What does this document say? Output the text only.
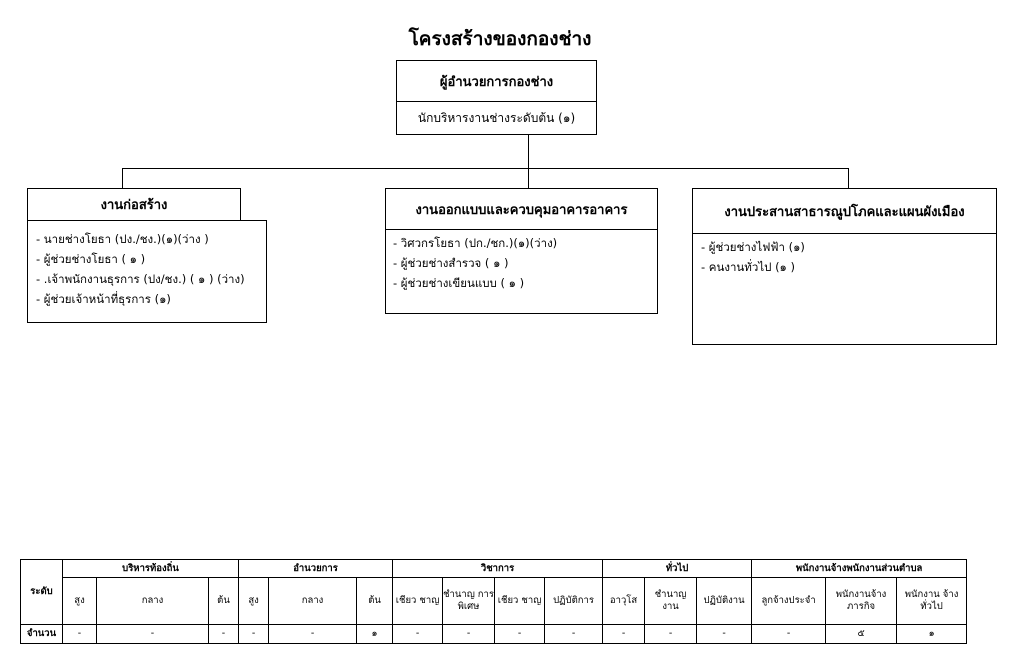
โครงสร้างของกองช่าง
ผู้อำนวยการกองช่าง
นักบริหารงานช่างระดับต้น (๑)
- นายช่างโยธา (ปง./ชง.)(๑)(ว่าง )
- ผู้ช่วยช่างโยธา ( ๑ )
- .เจ้าพนักงานธุรการ (ปง/ชง.) ( ๑ ) (ว่าง)
- ผู้ช่วยเจ้าหน้าที่ธุรการ (๑)
งานก่อสร้าง	งานออกแบบและควบคุมอาคารอาคาร
- วิศวกรโยธา (ปก./ชก.)(๑)(ว่าง)
- ผู้ช่วยช่างสำรวจ ( ๑ )
- ผู้ช่วยช่างเขียนแบบ ( ๑ )
งานประสานสาธารณูปโภคและแผนผังเมือง
- ผู้ช่วยช่างไฟฟ้า (๑)
- คนงานทั่วไป (๑ )
ระดับ	บริหารท้องถิ่น			อำนวยการ			วิชาการ				ทั่วไป			พนักงานจ้างพนักงานส่วนตำบล		
	สูง	กลาง	ต้น	สูง	กลาง	ต้น	เชียว ชาญ	ชำนาญ การ พิเศษ	เชียว ชาญ	ปฏิบัติการ	อาวุโส	ชำนาญ งาน	ปฏิบัติงาน	ลูกจ้างประจำ	พนักงานจ้าง ภารกิจ	พนักงาน จ้างทั่วไป
จำนวน	-	-	-	-	-	๑	-	-	-	-	-	-	-	-	๕	๑
